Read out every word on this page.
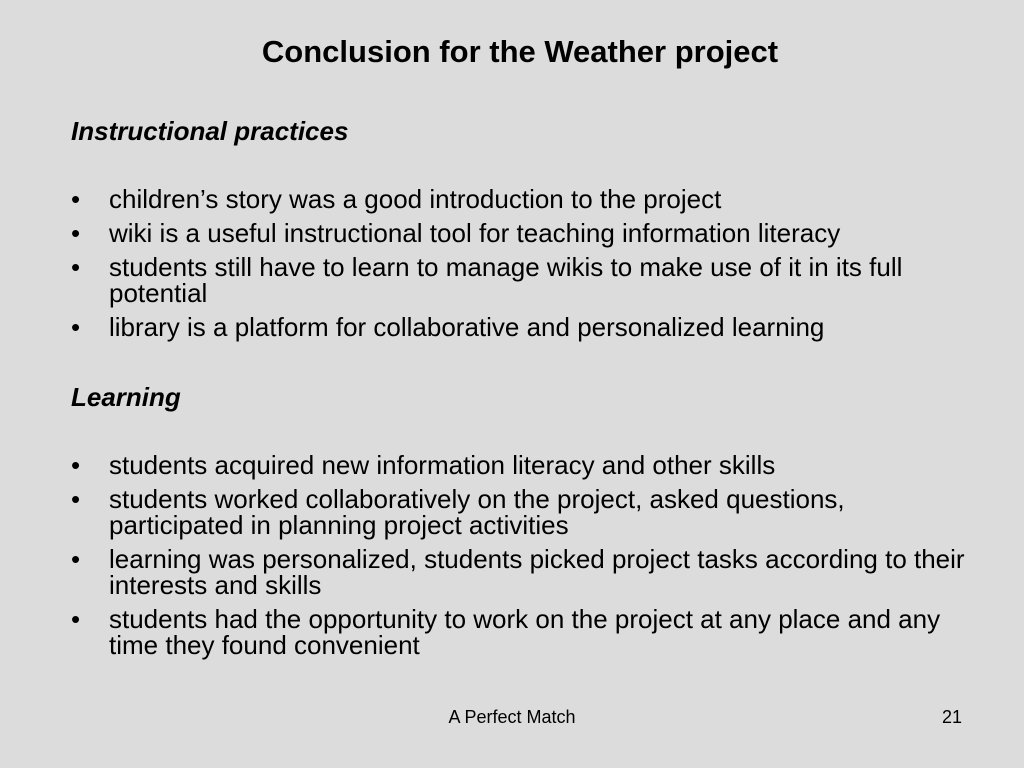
Conclusion for the Weather project
Instructional practices
•	children’s story was a good introduction to the project
•	wiki is a useful instructional tool for teaching information literacy
•	students still have to learn to manage wikis to make use of it in its full potential
•	library is a platform for collaborative and personalized learning
Learning
•	students acquired new information literacy and other skills
•	students worked collaboratively on the project, asked questions, participated in planning project activities
•	learning was personalized, students picked project tasks according to their interests and skills
•	students had the opportunity to work on the project at any place and any time they found convenient
A Perfect Match	21
